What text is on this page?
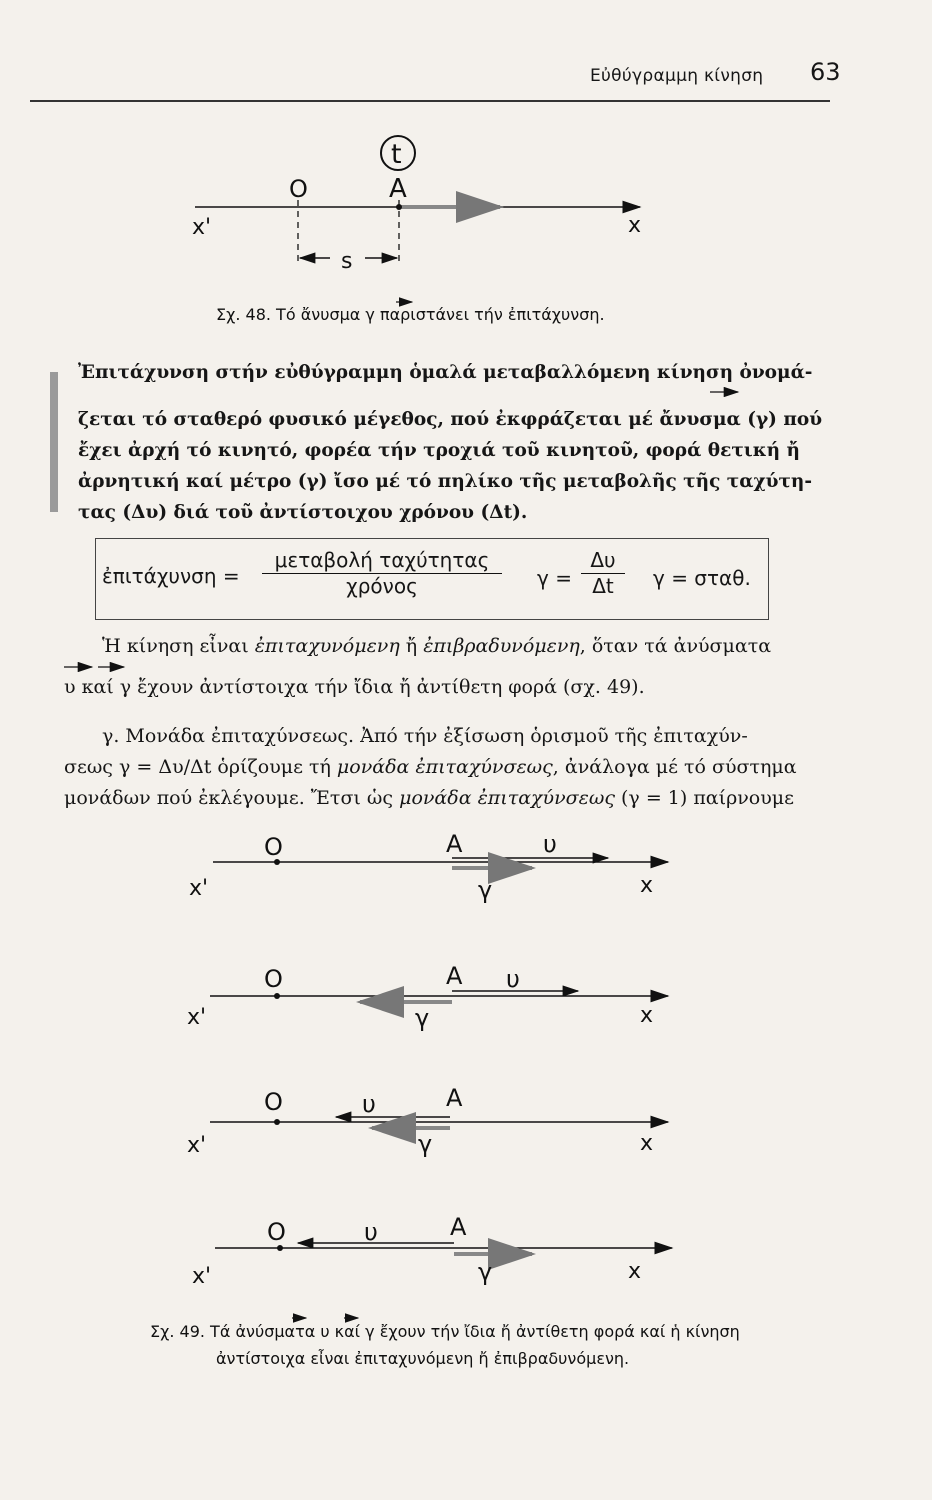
Εὐθύγραμμη κίνηση 63
t
O	A
x'	x
s
Σχ. 48. Τό ἄνυσμα γ παριστάνει τήν ἐπιτάχυνση.
Ἐπιτάχυνση στήν εὐθύγραμμη ὁμαλά μεταβαλλόμενη κίνηση ὀνομά-
ζεται τό σταθερό φυσικό μέγεθος, πού ἐκφράζεται μέ ἄνυσμα (γ) πού
ἔχει ἀρχή τό κινητό, φορέα τήν τροχιά τοῦ κινητοῦ, φορά θετική ἤ
ἀρνητική καί μέτρο (γ) ἴσο μέ τό πηλίκο τῆς μεταβολῆς τῆς ταχύτη-
τας (Δυ) διά τοῦ ἀντίστοιχου χρόνου (Δt).
ἐπιτάχυνση =
μεταβολή ταχύτητας
χρόνος	$\gamma = \frac{\Delta\upsilon}{\Delta t}$ γ = σταθ.
Ἡ κίνηση εἶναι ἐπιταχυνόμενη ἤ ἐπιβραδυνόμενη, ὅταν τά ἀνύσματα
υ καί γ ἔχουν ἀντίστοιχα τήν ἴδια ἤ ἀντίθετη φορά (σχ. 49).
γ. Μονάδα ἐπιταχύνσεως. Ἀπό τήν ἐξίσωση ὁρισμοῦ τῆς ἐπιταχύν-
σεως γ = Δυ/Δt ὁρίζουμε τή μονάδα ἐπιταχύνσεως, ἀνάλογα μέ τό σύστημα
μονάδων πού ἐκλέγουμε. Ἔτσι ὡς μονάδα ἐπιταχύνσεως (γ = 1) παίρνουμε
O	A	υ
x'	γ	x
O	A υ
x'	γ	x
O	A
υ
x'	γ	x
O	A
υ
x'	γ	x
Σχ. 49. Τά ἀνύσματα υ καί γ ἔχουν τήν ἴδια ἤ ἀντίθετη φορά καί ἡ κίνηση
ἀντίστοιχα εἶναι ἐπιταχυνόμενη ἤ ἐπιβραδυνόμενη.
